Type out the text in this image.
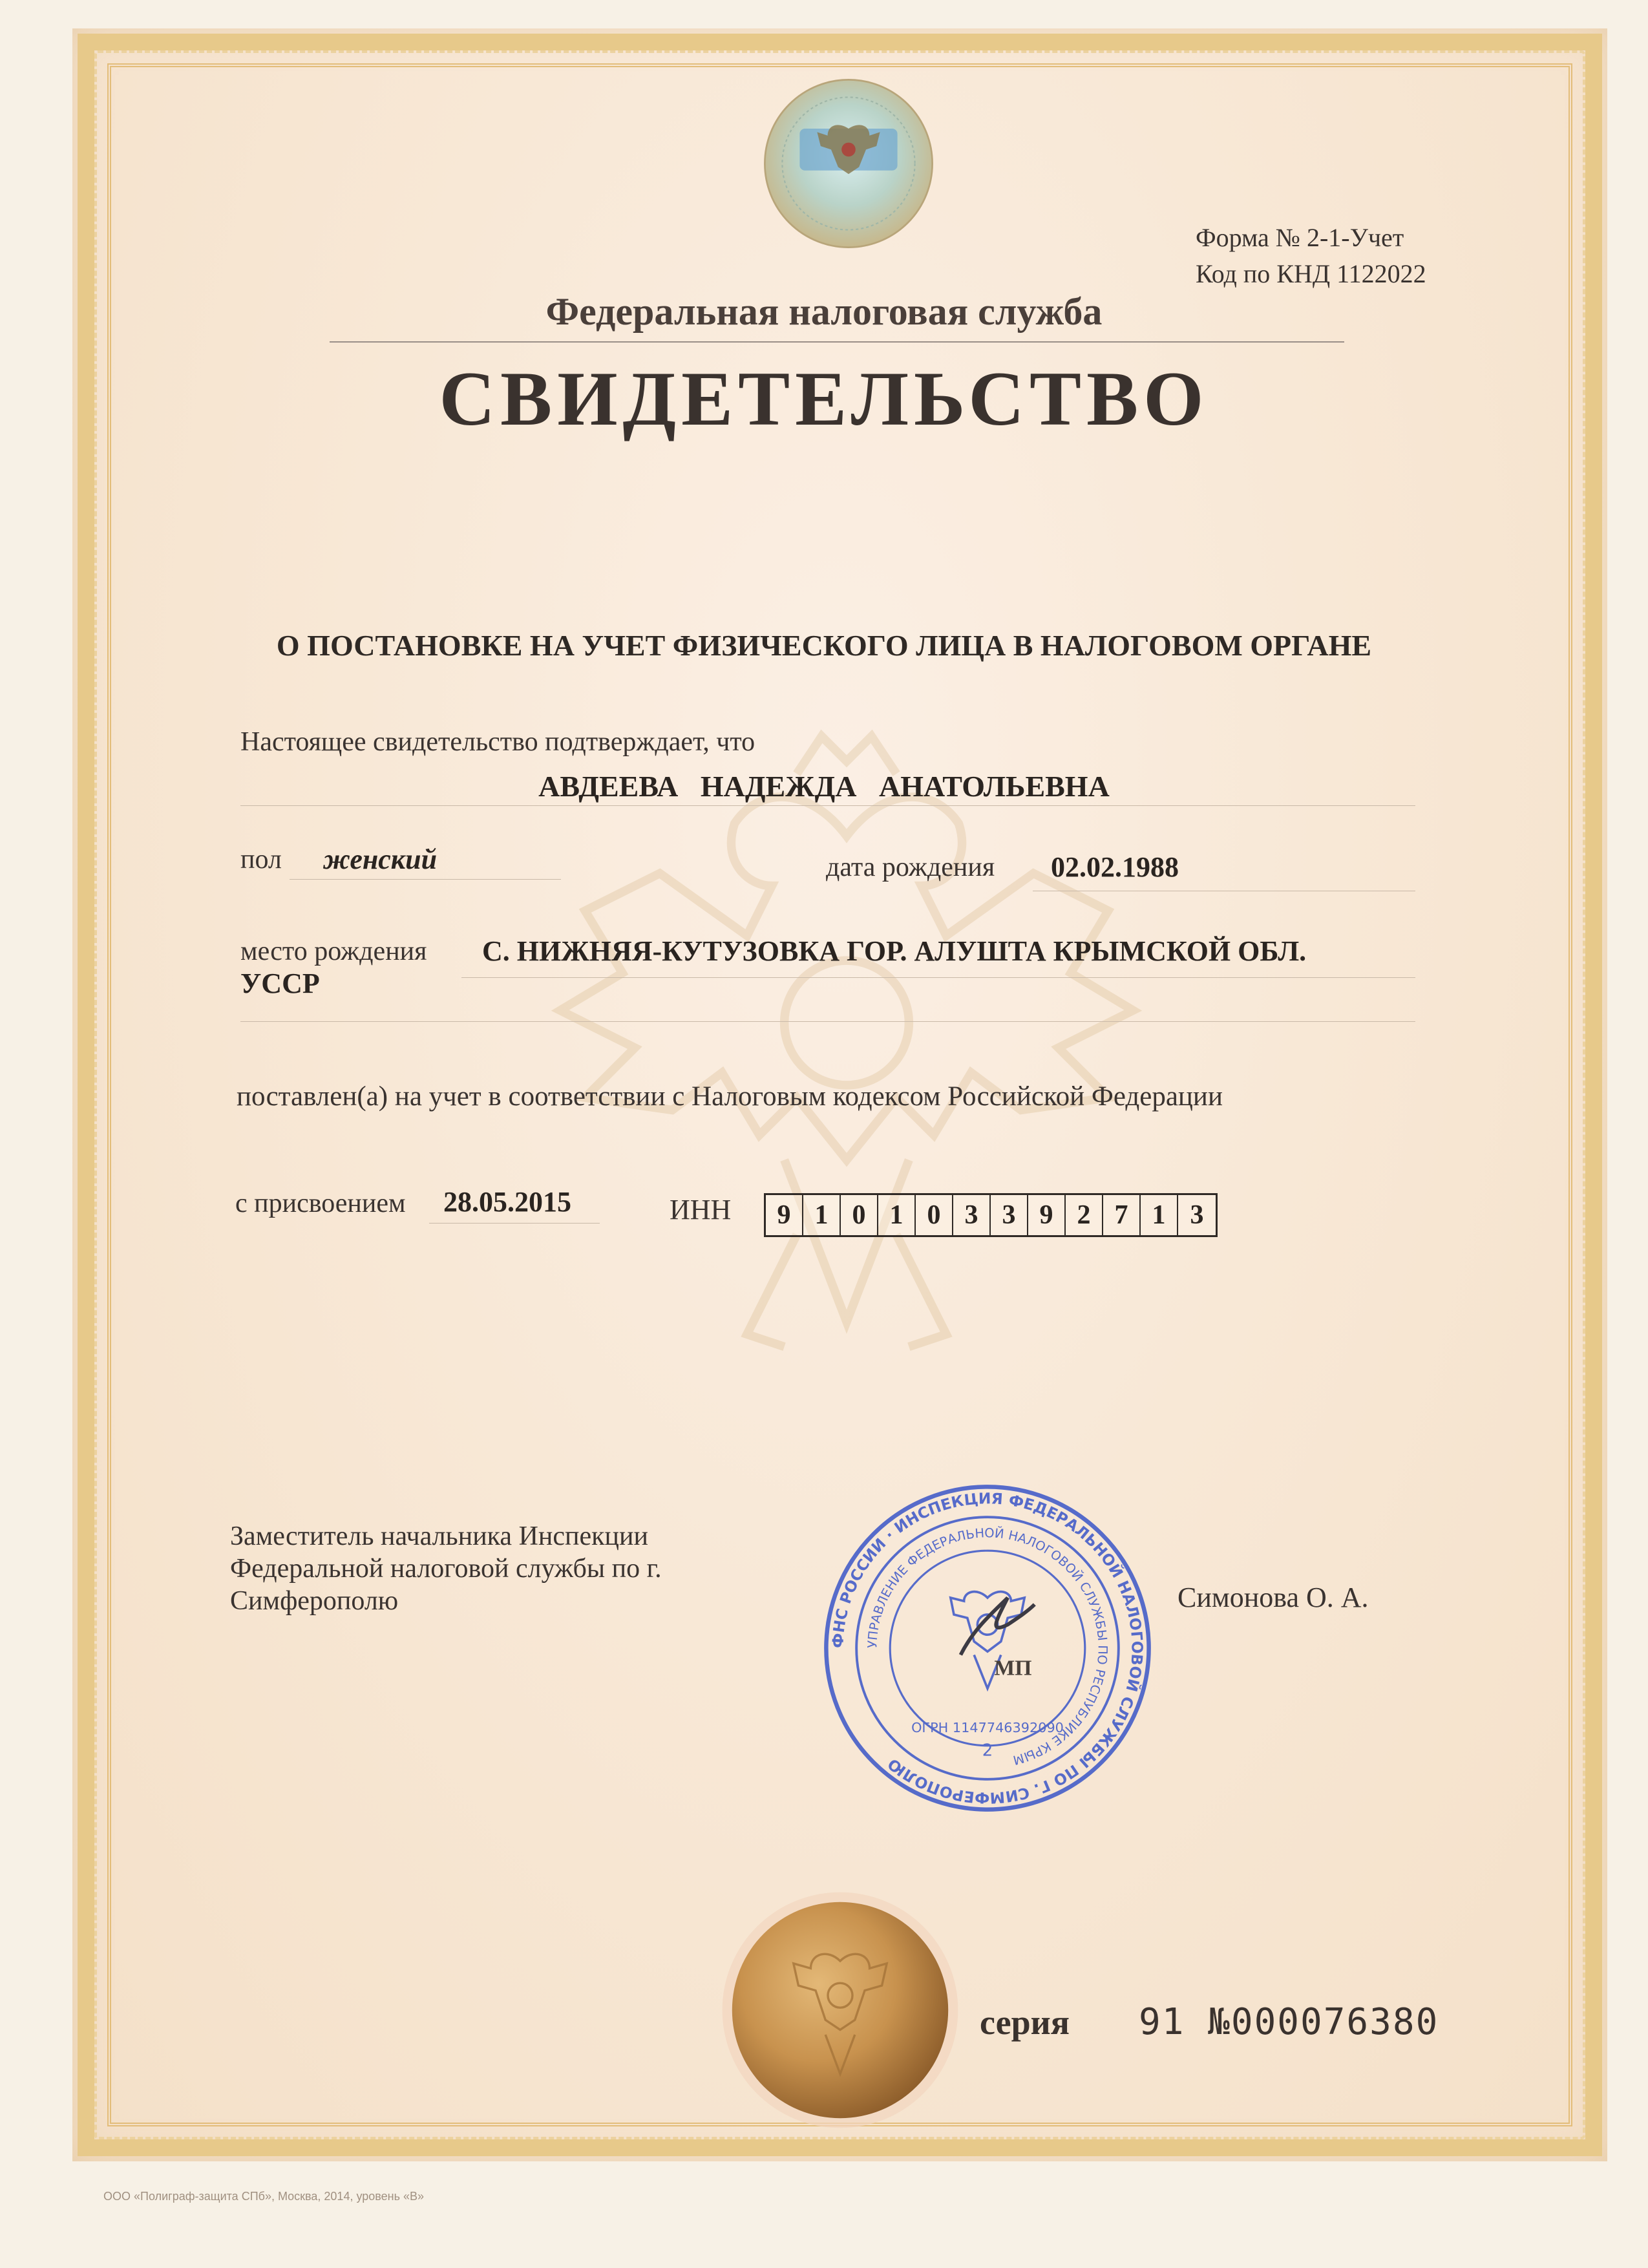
Форма № 2-1-Учет
Код по КНД 1122022
Федеральная налоговая служба
СВИДЕТЕЛЬСТВО
О ПОСТАНОВКЕ НА УЧЕТ ФИЗИЧЕСКОГО ЛИЦА В НАЛОГОВОМ ОРГАНЕ
Настоящее свидетельство подтверждает, что
АВДЕЕВА   НАДЕЖДА   АНАТОЛЬЕВНА
пол женский	дата рождения 02.02.1988
место рождения С. НИЖНЯЯ-КУТУЗОВКА ГОР. АЛУШТА КРЫМСКОЙ ОБЛ.
УССР
поставлен(а) на учет в соответствии с Налоговым кодексом Российской Федерации
с присвоением 28.05.2015	ИНН	9 1 0 1 0 3 3 9 2 7 1 3
Заместитель начальника Инспекции
Федеральной налоговой службы по г.
Симферополю	Симонова О. А.
ФНС РОССИИ · ИНСПЕКЦИЯ ФЕДЕРАЛЬНОЙ НАЛОГОВОЙ СЛУЖБЫ ПО Г. СИМФЕРОПОЛЮ
УПРАВЛЕНИЕ ФЕДЕРАЛЬНОЙ НАЛОГОВОЙ СЛУЖБЫ ПО РЕСПУБЛИКЕ КРЫМ
МП
ОГРН 1147746392090
2
серия 91 №000076380
ООО «Полиграф-защита СПб», Москва, 2014, уровень «В»
